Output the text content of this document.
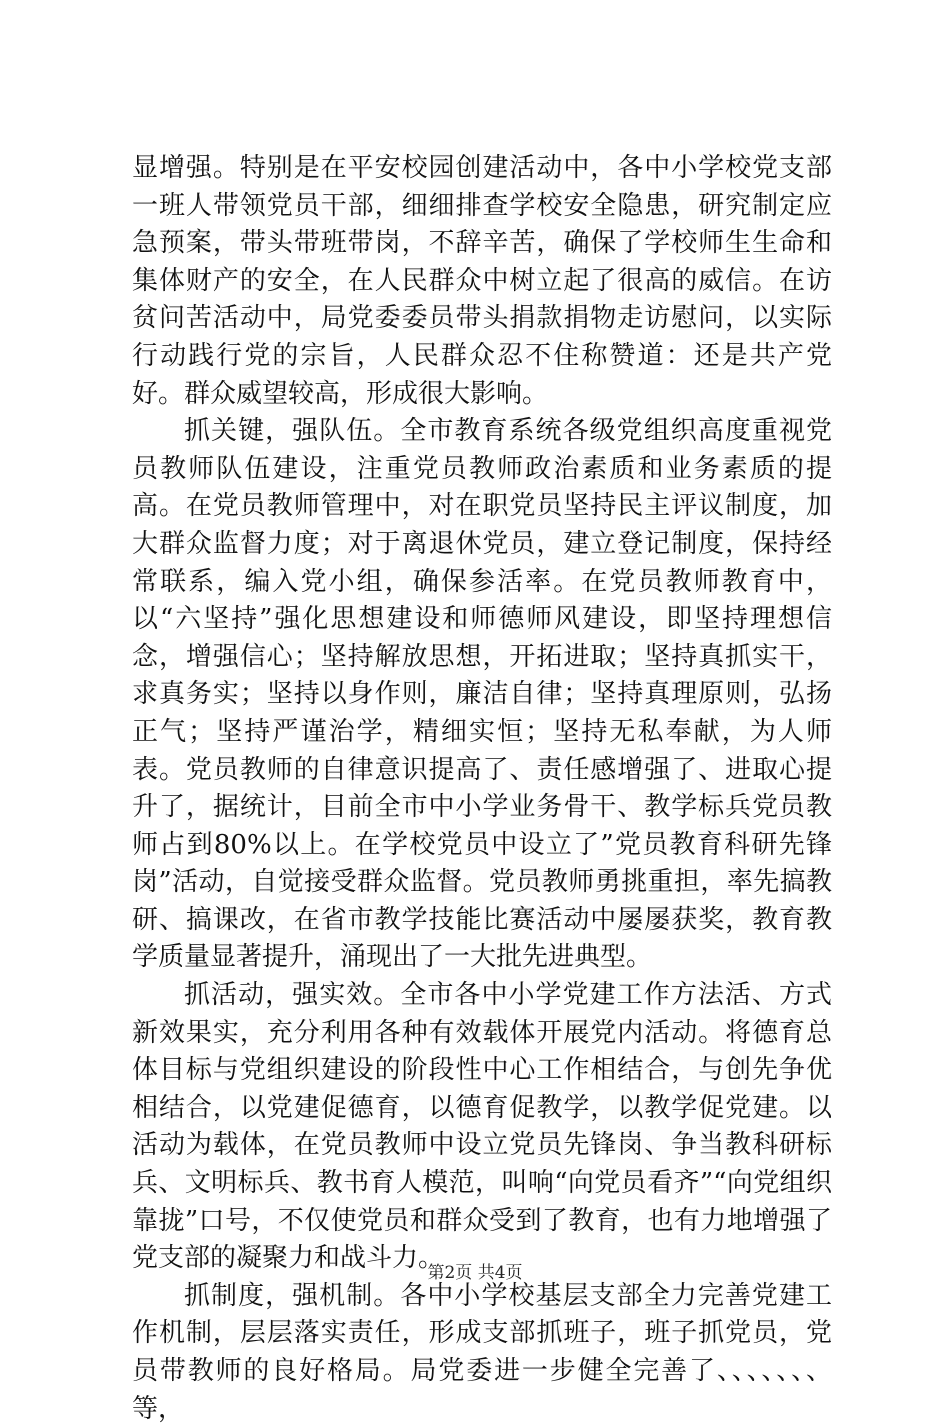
显增强。特别是在平安校园创建活动中，各中小学校党支部一班人带领党员干部，细细排查学校安全隐患，研究制定应急预案，带头带班带岗，不辞辛苦，确保了学校师生生命和集体财产的安全，在人民群众中树立起了很高的威信。在访贫问苦活动中，局党委委员带头捐款捐物走访慰问，以实际行动践行党的宗旨，人民群众忍不住称赞道：还是共产党好。群众威望较高，形成很大影响。

抓关键，强队伍。全市教育系统各级党组织高度重视党员教师队伍建设，注重党员教师政治素质和业务素质的提高。在党员教师管理中，对在职党员坚持民主评议制度，加大群众监督力度；对于离退休党员，建立登记制度，保持经常联系，编入党小组，确保参活率。在党员教师教育中，以“六坚持”强化思想建设和师德师风建设，即坚持理想信念，增强信心；坚持解放思想，开拓进取；坚持真抓实干，求真务实；坚持以身作则，廉洁自律；坚持真理原则，弘扬正气；坚持严谨治学，精细实恒；坚持无私奉献，为人师表。党员教师的自律意识提高了、责任感增强了、进取心提升了，据统计，目前全市中小学业务骨干、教学标兵党员教师占到80%以上。在学校党员中设立了”党员教育科研先锋岗”活动，自觉接受群众监督。党员教师勇挑重担，率先搞教研、搞课改，在省市教学技能比赛活动中屡屡获奖，教育教学质量显著提升，涌现出了一大批先进典型。

抓活动，强实效。全市各中小学党建工作方法活、方式新效果实，充分利用各种有效载体开展党内活动。将德育总体目标与党组织建设的阶段性中心工作相结合，与创先争优相结合，以党建促德育，以德育促教学，以教学促党建。以活动为载体，在党员教师中设立党员先锋岗、争当教科研标兵、文明标兵、教书育人模范，叫响“向党员看齐”“向党组织靠拢”口号，不仅使党员和群众受到了教育，也有力地增强了党支部的凝聚力和战斗力。

抓制度，强机制。各中小学校基层支部全力完善党建工作机制，层层落实责任，形成支部抓班子，班子抓党员，党员带教师的良好格局。局党委进一步健全完善了、、、、、、、等，

第2页 共4页
